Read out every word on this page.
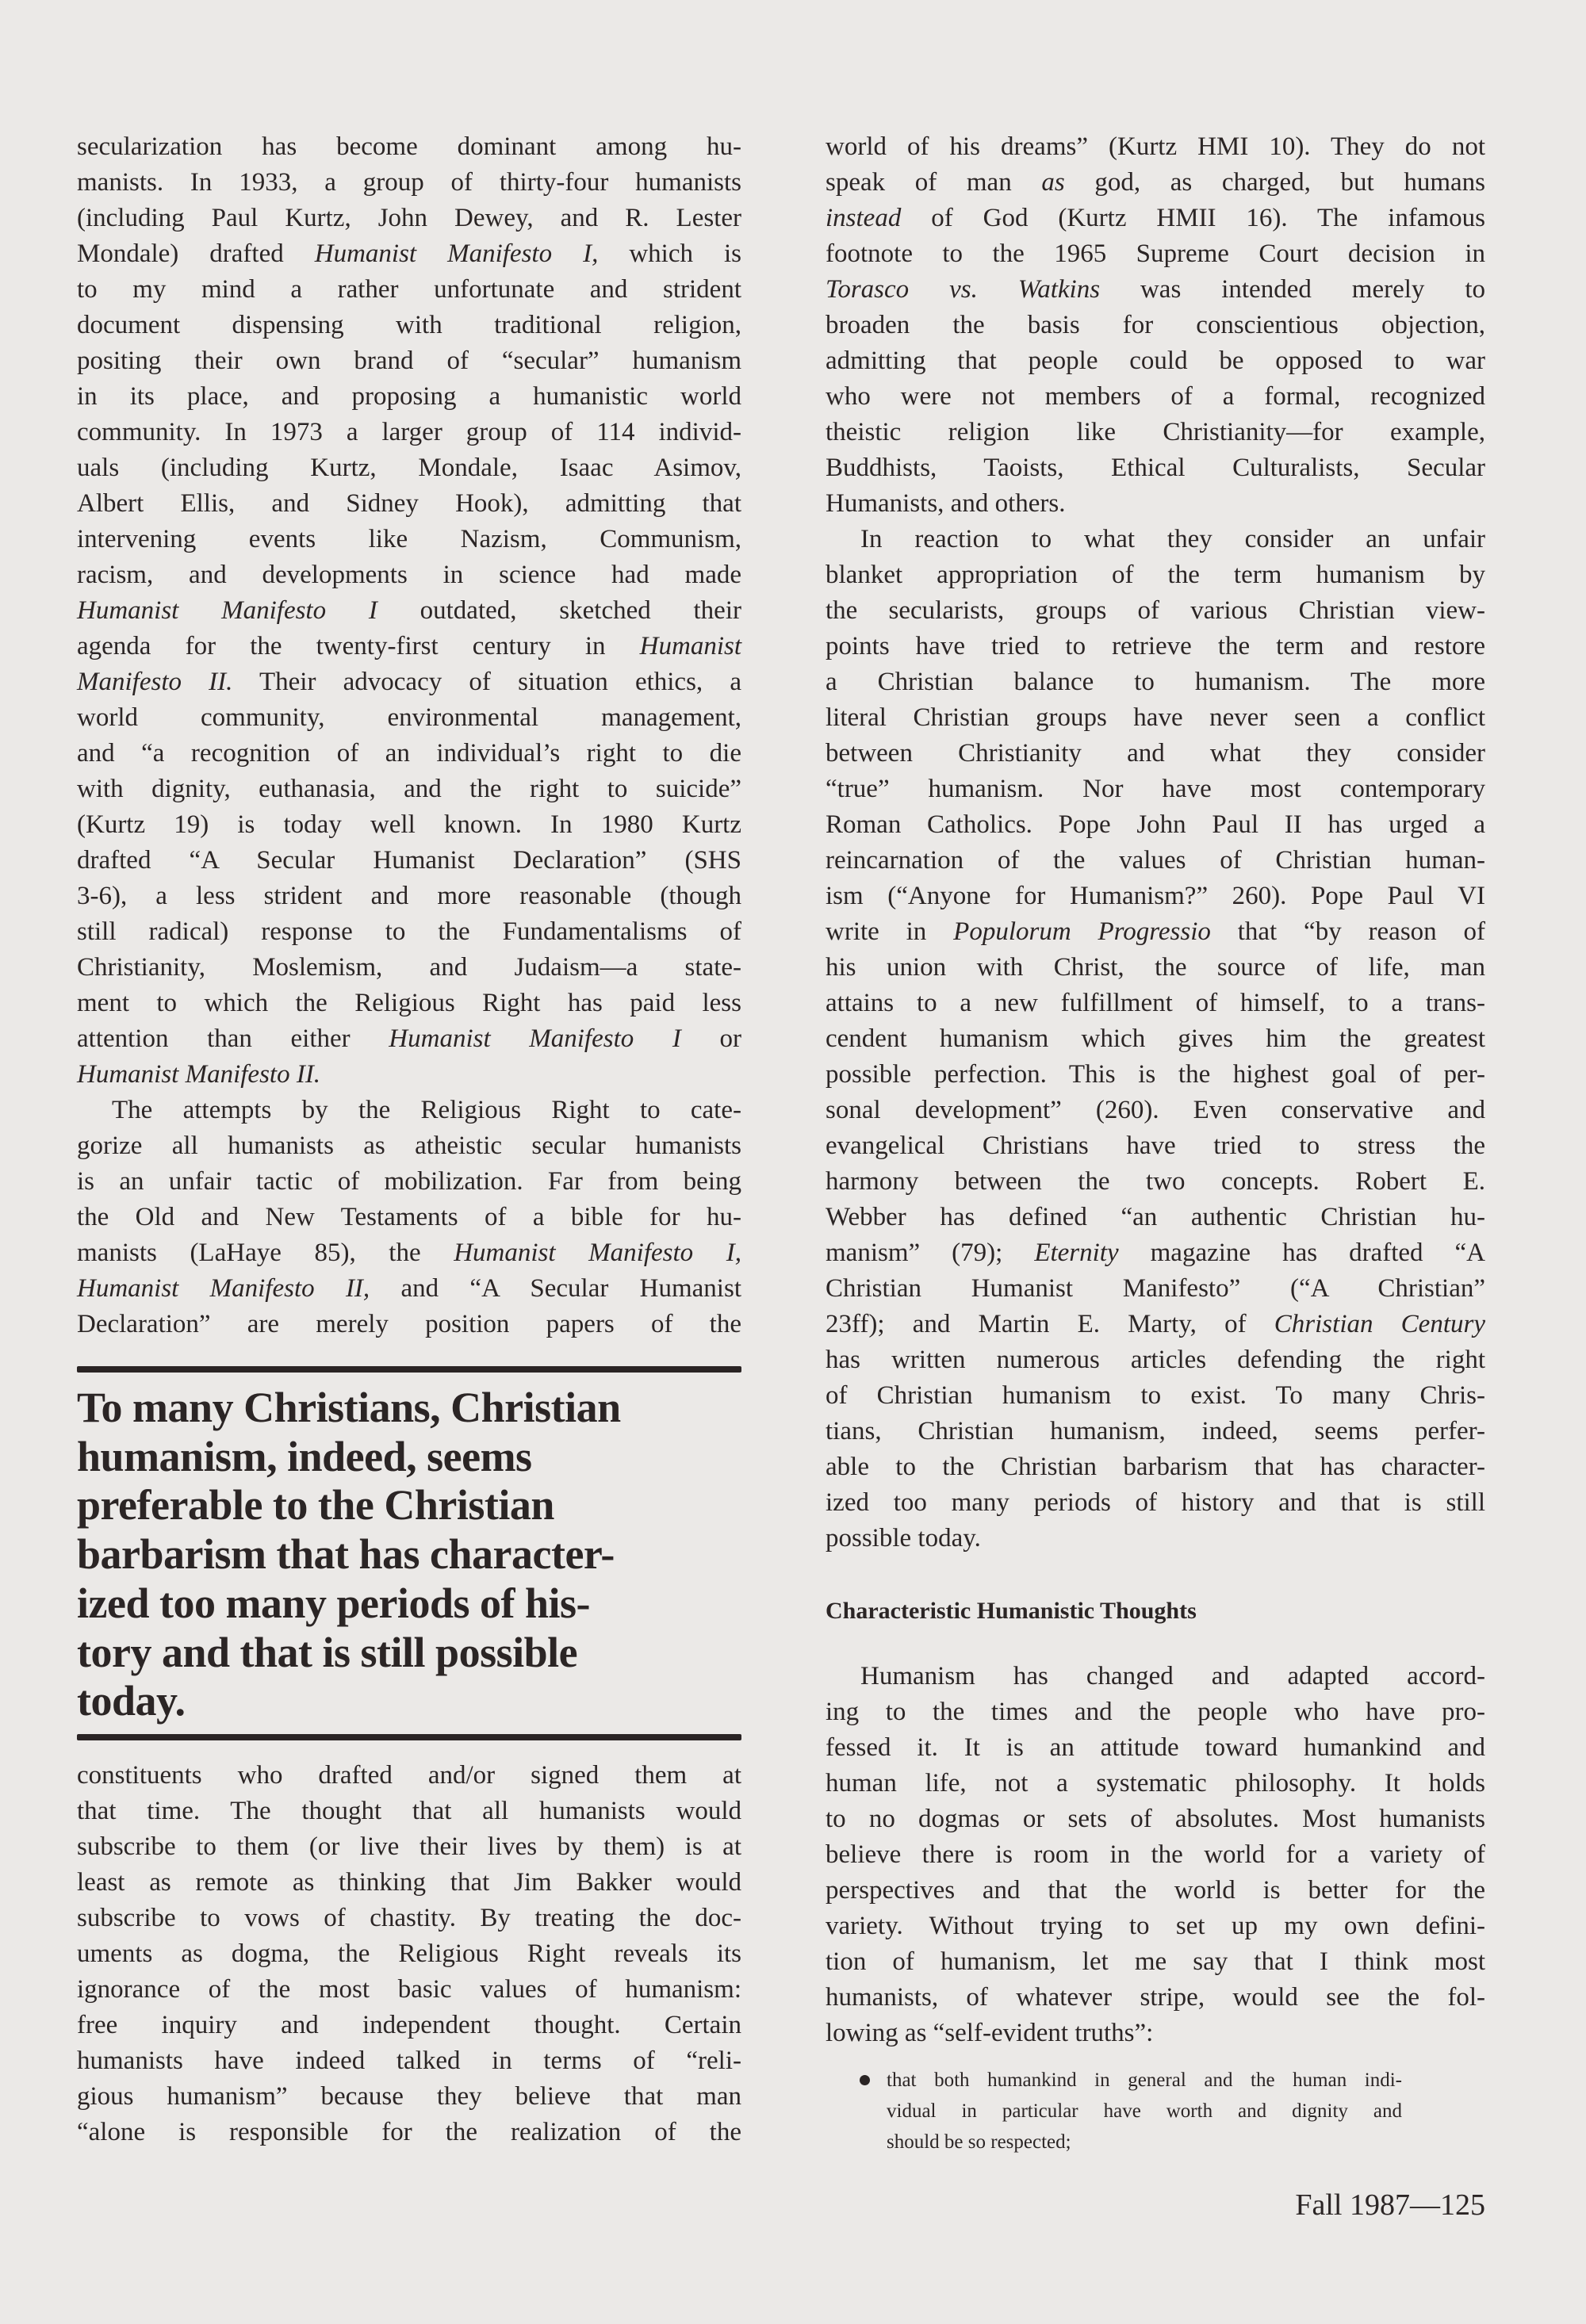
secularization has become dominant among hu-
manists. In 1933, a group of thirty-four humanists
(including Paul Kurtz, John Dewey, and R. Lester
Mondale) drafted Humanist Manifesto I, which is
to my mind a rather unfortunate and strident
document dispensing with traditional religion,
positing their own brand of “secular” humanism
in its place, and proposing a humanistic world
community. In 1973 a larger group of 114 individ-
uals (including Kurtz, Mondale, Isaac Asimov,
Albert Ellis, and Sidney Hook), admitting that
intervening events like Nazism, Communism,
racism, and developments in science had made
Humanist Manifesto I outdated, sketched their
agenda for the twenty-first century in Humanist
Manifesto II. Their advocacy of situation ethics, a
world community, environmental management,
and “a recognition of an individual’s right to die
with dignity, euthanasia, and the right to suicide”
(Kurtz 19) is today well known. In 1980 Kurtz
drafted “A Secular Humanist Declaration” (SHS
3-6), a less strident and more reasonable (though
still radical) response to the Fundamentalisms of
Christianity, Moslemism, and Judaism—a state-
ment to which the Religious Right has paid less
attention than either Humanist Manifesto I or
Humanist Manifesto II.
The attempts by the Religious Right to cate-
gorize all humanists as atheistic secular humanists
is an unfair tactic of mobilization. Far from being
the Old and New Testaments of a bible for hu-
manists (LaHaye 85), the Humanist Manifesto I,
Humanist Manifesto II, and “A Secular Humanist
Declaration” are merely position papers of the
To many Christians, Christian
humanism, indeed, seems
preferable to the Christian
barbarism that has character-
ized too many periods of his-
tory and that is still possible
today.
constituents who drafted and/or signed them at
that time. The thought that all humanists would
subscribe to them (or live their lives by them) is at
least as remote as thinking that Jim Bakker would
subscribe to vows of chastity. By treating the doc-
uments as dogma, the Religious Right reveals its
ignorance of the most basic values of humanism:
free inquiry and independent thought. Certain
humanists have indeed talked in terms of “reli-
gious humanism” because they believe that man
“alone is responsible for the realization of the
world of his dreams” (Kurtz HMI 10). They do not
speak of man as god, as charged, but humans
instead of God (Kurtz HMII 16). The infamous
footnote to the 1965 Supreme Court decision in
Torasco vs. Watkins was intended merely to
broaden the basis for conscientious objection,
admitting that people could be opposed to war
who were not members of a formal, recognized
theistic religion like Christianity—for example,
Buddhists, Taoists, Ethical Culturalists, Secular
Humanists, and others.
In reaction to what they consider an unfair
blanket appropriation of the term humanism by
the secularists, groups of various Christian view-
points have tried to retrieve the term and restore
a Christian balance to humanism. The more
literal Christian groups have never seen a conflict
between Christianity and what they consider
“true” humanism. Nor have most contemporary
Roman Catholics. Pope John Paul II has urged a
reincarnation of the values of Christian human-
ism (“Anyone for Humanism?” 260). Pope Paul VI
write in Populorum Progressio that “by reason of
his union with Christ, the source of life, man
attains to a new fulfillment of himself, to a trans-
cendent humanism which gives him the greatest
possible perfection. This is the highest goal of per-
sonal development” (260). Even conservative and
evangelical Christians have tried to stress the
harmony between the two concepts. Robert E.
Webber has defined “an authentic Christian hu-
manism” (79); Eternity magazine has drafted “A
Christian Humanist Manifesto” (“A Christian”
23ff); and Martin E. Marty, of Christian Century
has written numerous articles defending the right
of Christian humanism to exist. To many Chris-
tians, Christian humanism, indeed, seems perfer-
able to the Christian barbarism that has character-
ized too many periods of history and that is still
possible today.
Characteristic Humanistic Thoughts
Humanism has changed and adapted accord-
ing to the times and the people who have pro-
fessed it. It is an attitude toward humankind and
human life, not a systematic philosophy. It holds
to no dogmas or sets of absolutes. Most humanists
believe there is room in the world for a variety of
perspectives and that the world is better for the
variety. Without trying to set up my own defini-
tion of humanism, let me say that I think most
humanists, of whatever stripe, would see the fol-
lowing as “self-evident truths”:
that both humankind in general and the human indi-
vidual in particular have worth and dignity and
should be so respected;
Fall 1987—125
